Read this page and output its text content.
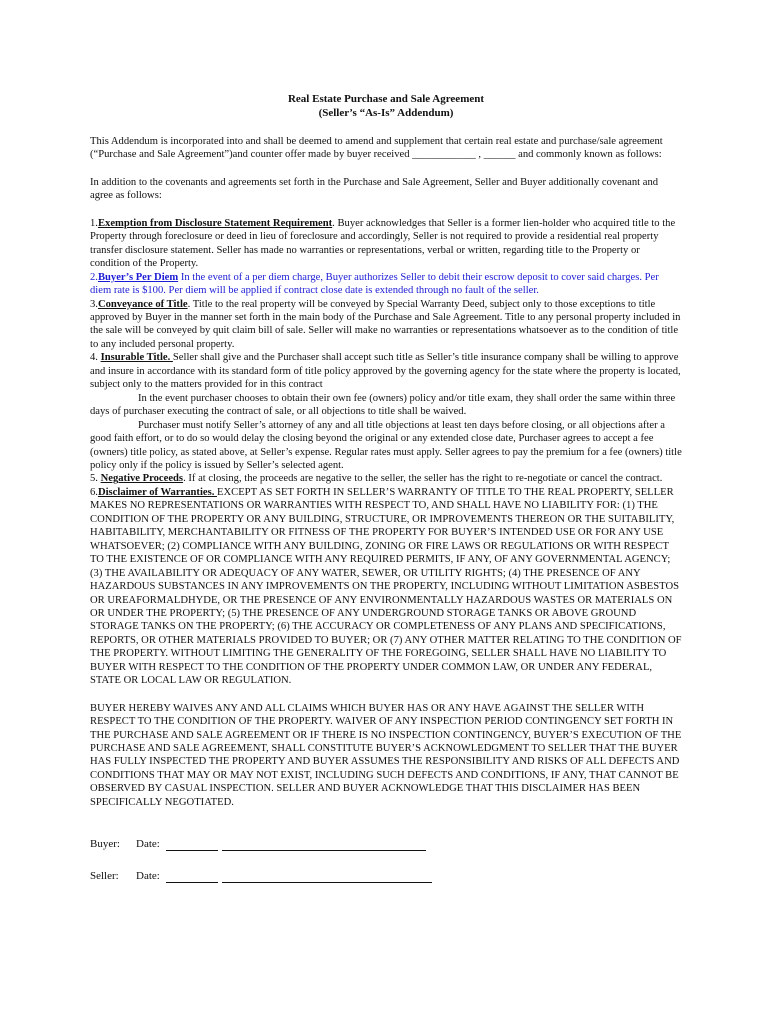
Real Estate Purchase and Sale Agreement
(Seller’s “As-Is” Addendum)

This Addendum is incorporated into and shall be deemed to amend and supplement that certain real estate and purchase/sale agreement (“Purchase and Sale Agreement”)and counter offer made by buyer received ____________ , ______ and commonly known as follows:

In addition to the covenants and agreements set forth in the Purchase and Sale Agreement, Seller and Buyer additionally covenant and agree as follows:

1.Exemption from Disclosure Statement Requirement. Buyer acknowledges that Seller is a former lien-holder who acquired title to the Property through foreclosure or deed in lieu of foreclosure and accordingly, Seller is not required to provide a residential real property transfer disclosure statement. Seller has made no warranties or representations, verbal or written, regarding title to the Property or condition of the Property.

2.Buyer’s Per Diem In the event of a per diem charge, Buyer authorizes Seller to debit their escrow deposit to cover said charges. Per diem rate is $100. Per diem will be applied if contract close date is extended through no fault of the seller.

3.Conveyance of Title. Title to the real property will be conveyed by Special Warranty Deed, subject only to those exceptions to title approved by Buyer in the manner set forth in the main body of the Purchase and Sale Agreement. Title to any personal property included in the sale will be conveyed by quit claim bill of sale. Seller will make no warranties or representations whatsoever as to the condition of title to any included personal property.

4. Insurable Title. Seller shall give and the Purchaser shall accept such title as Seller’s title insurance company shall be willing to approve and insure in accordance with its standard form of title policy approved by the governing agency for the state where the property is located, subject only to the matters provided for in this contract

In the event purchaser chooses to obtain their own fee (owners) policy and/or title exam, they shall order the same within three days of purchaser executing the contract of sale, or all objections to title shall be waived.

Purchaser must notify Seller’s attorney of any and all title objections at least ten days before closing, or all objections after a good faith effort, or to do so would delay the closing beyond the original or any extended close date, Purchaser agrees to accept a fee (owners) title policy, as stated above, at Seller’s expense. Regular rates must apply. Seller agrees to pay the premium for a fee (owners) title policy only if the policy is issued by Seller’s selected agent.

5. Negative Proceeds. If at closing, the proceeds are negative to the seller, the seller has the right to re-negotiate or cancel the contract.

6.Disclaimer of Warranties. EXCEPT AS SET FORTH IN SELLER’S WARRANTY OF TITLE TO THE REAL PROPERTY, SELLER MAKES NO REPRESENTATIONS OR WARRANTIES WITH RESPECT TO, AND SHALL HAVE NO LIABILITY FOR: (1) THE CONDITION OF THE PROPERTY OR ANY BUILDING, STRUCTURE, OR IMPROVEMENTS THEREON OR THE SUITABILITY, HABITABILITY, MERCHANTABILITY OR FITNESS OF THE PROPERTY FOR BUYER’S INTENDED USE OR FOR ANY USE WHATSOEVER; (2) COMPLIANCE WITH ANY BUILDING, ZONING OR FIRE LAWS OR REGULATIONS OR WITH RESPECT TO THE EXISTENCE OF OR COMPLIANCE WITH ANY REQUIRED PERMITS, IF ANY, OF ANY GOVERNMENTAL AGENCY; (3) THE AVAILABILITY OR ADEQUACY OF ANY WATER, SEWER, OR UTILITY RIGHTS; (4) THE PRESENCE OF ANY HAZARDOUS SUBSTANCES IN ANY IMPROVEMENTS ON THE PROPERTY, INCLUDING WITHOUT LIMITATION ASBESTOS OR UREAFORMALDHYDE, OR THE PRESENCE OF ANY ENVIRONMENTALLY HAZARDOUS WASTES OR MATERIALS ON OR UNDER THE PROPERTY; (5) THE PRESENCE OF ANY UNDERGROUND STORAGE TANKS OR ABOVE GROUND STORAGE TANKS ON THE PROPERTY; (6) THE ACCURACY OR COMPLETENESS OF ANY PLANS AND SPECIFICATIONS, REPORTS, OR OTHER MATERIALS PROVIDED TO BUYER; OR (7) ANY OTHER MATTER RELATING TO THE CONDITION OF THE PROPERTY. WITHOUT LIMITING THE GENERALITY OF THE FOREGOING, SELLER SHALL HAVE NO LIABILITY TO BUYER WITH RESPECT TO THE CONDITION OF THE PROPERTY UNDER COMMON LAW, OR UNDER ANY FEDERAL, STATE OR LOCAL LAW OR REGULATION.

BUYER HEREBY WAIVES ANY AND ALL CLAIMS WHICH BUYER HAS OR ANY HAVE AGAINST THE SELLER WITH RESPECT TO THE CONDITION OF THE PROPERTY. WAIVER OF ANY INSPECTION PERIOD CONTINGENCY SET FORTH IN THE PURCHASE AND SALE AGREEMENT OR IF THERE IS NO INSPECTION CONTINGENCY, BUYER’S EXECUTION OF THE PURCHASE AND SALE AGREEMENT, SHALL CONSTITUTE BUYER’S ACKNOWLEDGMENT TO SELLER THAT THE BUYER HAS FULLY INSPECTED THE PROPERTY AND BUYER ASSUMES THE RESPONSIBILITY AND RISKS OF ALL DEFECTS AND CONDITIONS THAT MAY OR MAY NOT EXIST, INCLUDING SUCH DEFECTS AND CONDITIONS, IF ANY, THAT CANNOT BE OBSERVED BY CASUAL INSPECTION. SELLER AND BUYER ACKNOWLEDGE THAT THIS DISCLAIMER HAS BEEN SPECIFICALLY NEGOTIATED.

Buyer:	Date:
Seller:	Date:
